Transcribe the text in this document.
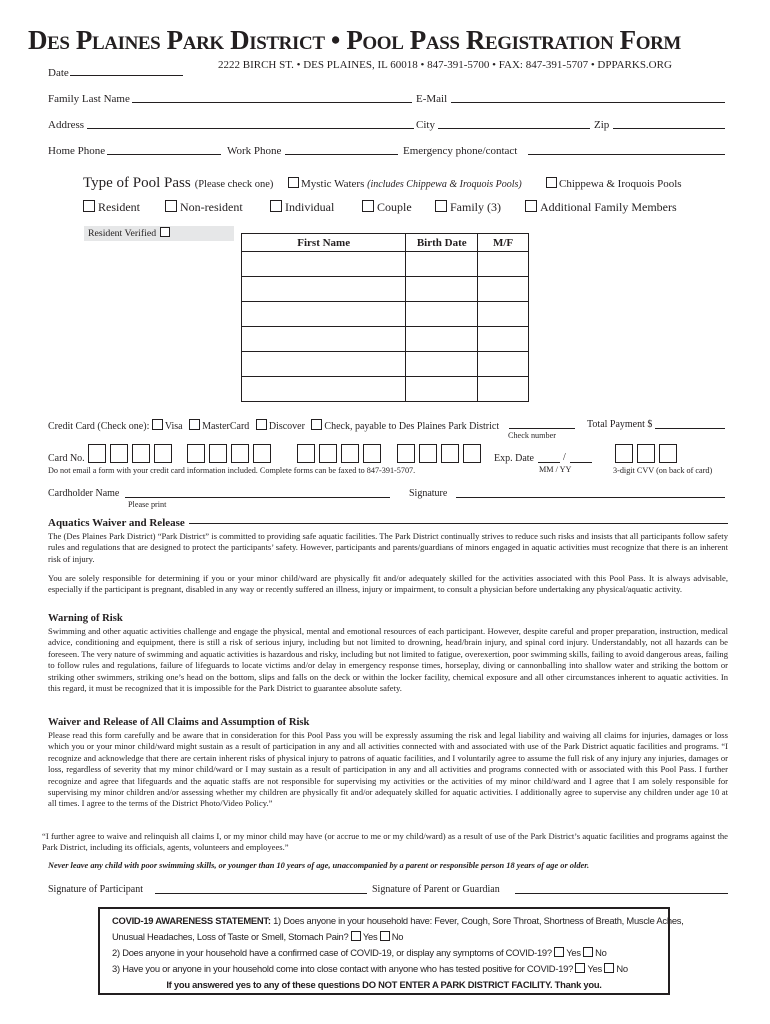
Des Plaines Park District • Pool Pass Registration Form
2222 BIRCH ST. • DES PLAINES, IL 60018 • 847-391-5700 • FAX: 847-391-5707 • DPPARKS.ORG
Date
Family Last Name	E-Mail
Address	City	Zip
Home Phone	Work Phone	Emergency phone/contact
Type of Pool Pass (Please check one)	Mystic Waters (includes Chippewa & Iroquois Pools)	Chippewa & Iroquois Pools
Resident	Non-resident	Individual	Couple	Family (3)	Additional Family Members
Resident Verified
First Name	Birth Date	M/F

Credit Card (Check one): Visa MasterCard Discover Check, payable to Des Plaines Park District
Check number
Total Payment $
Card No.
Do not email a form with your credit card information included. Complete forms can be faxed to 847-391-5707.
Exp. Date	/
MM / YY	3-digit CVV (on back of card)
Cardholder Name
Please print
Signature
Aquatics Waiver and Release
The (Des Plaines Park District) “Park District” is committed to providing safe aquatic facilities. The Park District continually strives to reduce such risks and insists that all participants follow safety rules and regulations that are designed to protect the participants’ safety. However, participants and parents/guardians of minors engaged in aquatic activities must recognize that there is an inherent risk of injury.
You are solely responsible for determining if you or your minor child/ward are physically fit and/or adequately skilled for the activities associated with this Pool Pass. It is always advisable, especially if the participant is pregnant, disabled in any way or recently suffered an illness, injury or impairment, to consult a physician before undertaking any physical/aquatic activity.
Warning of Risk
Swimming and other aquatic activities challenge and engage the physical, mental and emotional resources of each participant. However, despite careful and proper preparation, instruction, medical advice, conditioning and equipment, there is still a risk of serious injury, including but not limited to drowning, head/brain injury, and spinal cord injury. Understandably, not all hazards can be foreseen. The very nature of swimming and aquatic activities is hazardous and risky, including but not limited to fatigue, overexertion, poor swimming skills, failing to avoid dangerous areas, failing to follow rules and regulations, failure of lifeguards to locate victims and/or delay in emergency response times, horseplay, diving or cannonballing into shallow water and striking the bottom or striking other swimmers, striking one’s head on the bottom, slips and falls on the deck or within the locker facility, chemical exposure and all other circumstances inherent to aquatic activities. In this regard, it must be recognized that it is impossible for the Park District to guarantee absolute safety.
Waiver and Release of All Claims and Assumption of Risk
Please read this form carefully and be aware that in consideration for this Pool Pass you will be expressly assuming the risk and legal liability and waiving all claims for injuries, damages or loss which you or your minor child/ward might sustain as a result of participation in any and all activities connected with and associated with use of the Park District aquatic facilities and programs. “I recognize and acknowledge that there are certain inherent risks of physical injury to patrons of aquatic facilities, and I voluntarily agree to assume the full risk of any injury any injuries, damages or loss, regardless of severity that my minor child/ward or I may sustain as a result of participation in any and all activities and programs connected with or associated with this Pool Pass. I further recognize and agree that lifeguards and the aquatic staffs are not responsible for supervising my activities or the activities of my minor child/ward and I agree that I am solely responsible for supervising my minor children and/or assessing whether my children are physically fit and/or adequately skilled for aquatic activities. I additionally agree to supervise any children under age 10 at all times. I agree to the terms of the District Photo/Video Policy.”
“I further agree to waive and relinquish all claims I, or my minor child may have (or accrue to me or my child/ward) as a result of use of the Park District’s aquatic facilities and programs against the Park District, including its officials, agents, volunteers and employees.”
Never leave any child with poor swimming skills, or younger than 10 years of age, unaccompanied by a parent or responsible person 18 years of age or older.
Signature of Participant	Signature of Parent or Guardian
COVID-19 AWARENESS STATEMENT: 1) Does anyone in your household have: Fever, Cough, Sore Throat, Shortness of Breath, Muscle Aches,
Unusual Headaches, Loss of Taste or Smell, Stomach Pain? Yes No
2) Does anyone in your household have a confirmed case of COVID-19, or display any symptoms of COVID-19? Yes No
3) Have you or anyone in your household come into close contact with anyone who has tested positive for COVID-19? Yes No
If you answered yes to any of these questions DO NOT ENTER A PARK DISTRICT FACILITY. Thank you.
